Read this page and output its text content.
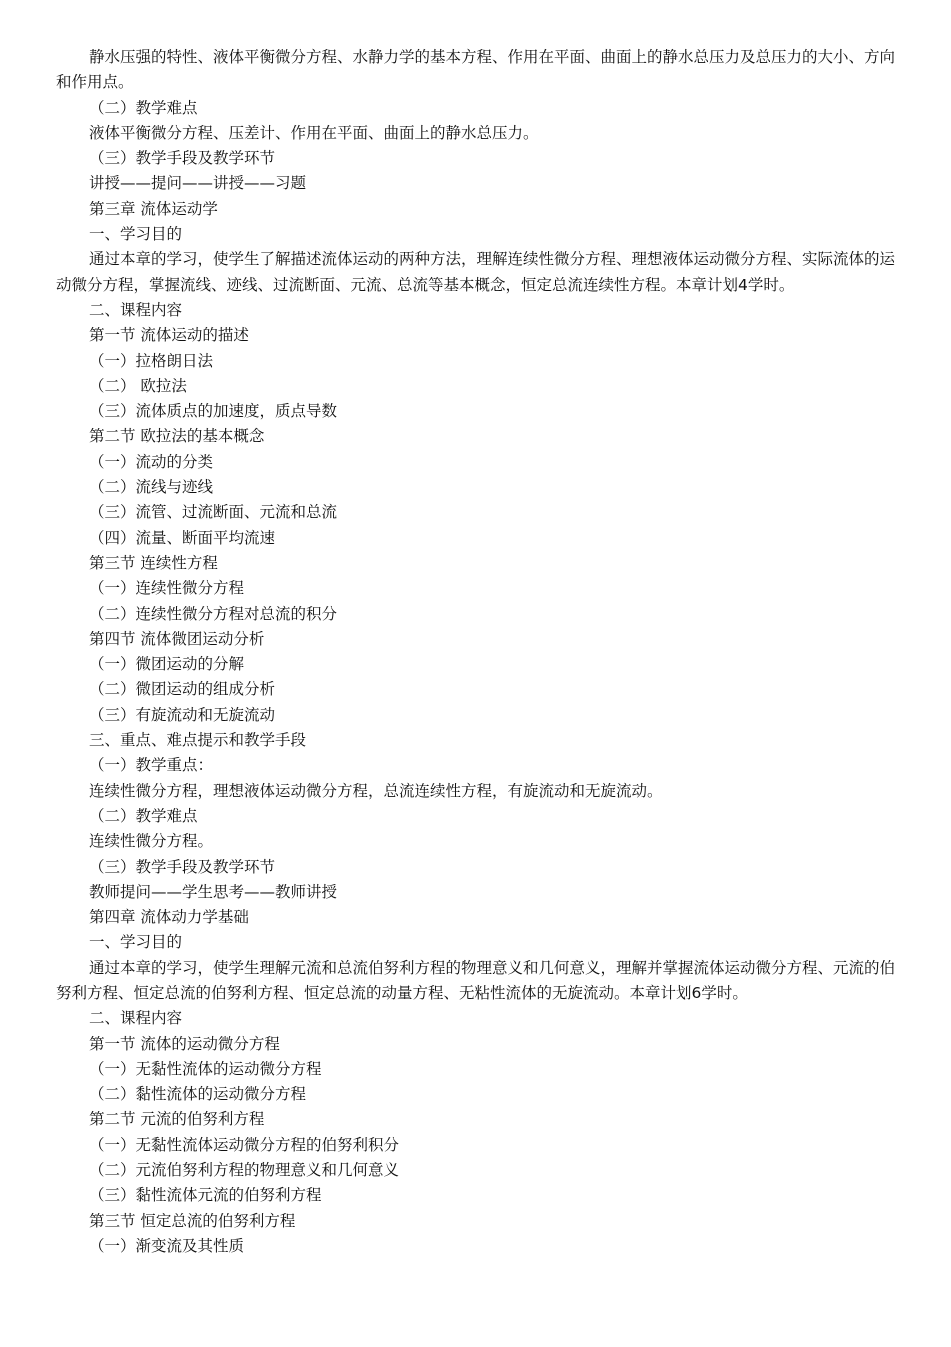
静水压强的特性、液体平衡微分方程、水静力学的基本方程、作用在平面、曲面上的静水总压力及总压力的大小、方向和作用点。

（二）教学难点

液体平衡微分方程、压差计、作用在平面、曲面上的静水总压力。

（三）教学手段及教学环节

讲授——提问——讲授——习题

第三章 流体运动学

一、学习目的

通过本章的学习，使学生了解描述流体运动的两种方法，理解连续性微分方程、理想液体运动微分方程、实际流体的运动微分方程，掌握流线、迹线、过流断面、元流、总流等基本概念，恒定总流连续性方程。本章计划4学时。

二、课程内容

第一节 流体运动的描述

（一）拉格朗日法

（二） 欧拉法

（三）流体质点的加速度，质点导数

第二节 欧拉法的基本概念

（一）流动的分类

（二）流线与迹线

（三）流管、过流断面、元流和总流

（四）流量、断面平均流速

第三节 连续性方程

（一）连续性微分方程

（二）连续性微分方程对总流的积分

第四节 流体微团运动分析

（一）微团运动的分解

（二）微团运动的组成分析

（三）有旋流动和无旋流动

三、重点、难点提示和教学手段

（一）教学重点：

连续性微分方程，理想液体运动微分方程，总流连续性方程，有旋流动和无旋流动。

（二）教学难点

连续性微分方程。

（三）教学手段及教学环节

教师提问——学生思考——教师讲授

第四章 流体动力学基础

一、学习目的

通过本章的学习，使学生理解元流和总流伯努利方程的物理意义和几何意义，理解并掌握流体运动微分方程、元流的伯努利方程、恒定总流的伯努利方程、恒定总流的动量方程、无粘性流体的无旋流动。本章计划6学时。

二、课程内容

第一节 流体的运动微分方程

（一）无黏性流体的运动微分方程

（二）黏性流体的运动微分方程

第二节 元流的伯努利方程

（一）无黏性流体运动微分方程的伯努利积分

（二）元流伯努利方程的物理意义和几何意义

（三）黏性流体元流的伯努利方程

第三节 恒定总流的伯努利方程

（一）渐变流及其性质
